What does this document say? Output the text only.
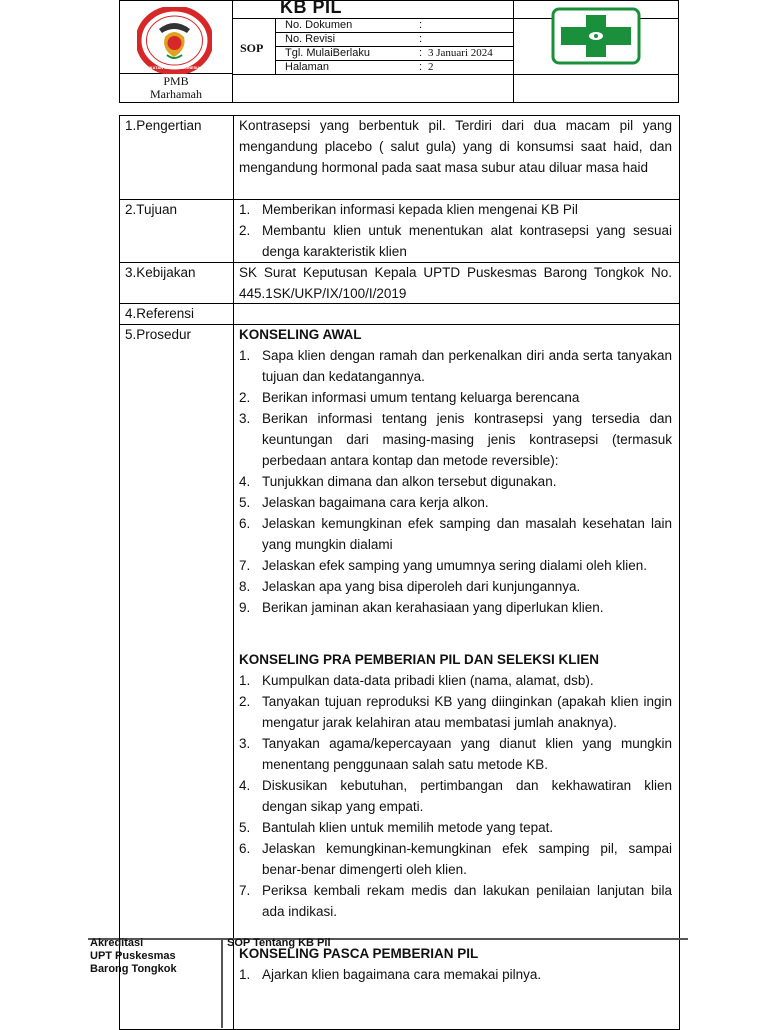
IKATAN BIDAN INDONESIA
PMB
Marhamah
KB PIL
SOP
No. Dokumen	:
No. Revisi	:
Tgl. MulaiBerlaku	: 3 Januari 2024
Halaman	: 2
1.Pengertian	Kontrasepsi yang berbentuk pil. Terdiri dari dua macam pil yang mengandung placebo ( salut gula) yang di konsumsi saat haid, dan mengandung hormonal pada saat masa subur atau diluar masa haid
2.Tujuan	1. Memberikan informasi kepada klien mengenai KB Pil
2. Membantu klien untuk menentukan alat kontrasepsi yang sesuai denga karakteristik klien
3.Kebijakan	SK Surat Keputusan Kepala UPTD Puskesmas Barong Tongkok No. 445.1SK/UKP/IX/100/I/2019
4.Referensi
5.Prosedur	KONSELING AWAL
1. Sapa klien dengan ramah dan perkenalkan diri anda serta tanyakan tujuan dan kedatangannya.
2. Berikan informasi umum tentang keluarga berencana
3. Berikan informasi tentang jenis kontrasepsi yang tersedia dan keuntungan dari masing-masing jenis kontrasepsi (termasuk perbedaan antara kontap dan metode reversible):
4. Tunjukkan dimana dan alkon tersebut digunakan.
5. Jelaskan bagaimana cara kerja alkon.
6. Jelaskan kemungkinan efek samping dan masalah kesehatan lain yang mungkin dialami
7. Jelaskan efek samping yang umumnya sering dialami oleh klien.
8. Jelaskan apa yang bisa diperoleh dari kunjungannya.
9. Berikan jaminan akan kerahasiaan yang diperlukan klien.
KONSELING PRA PEMBERIAN PIL DAN SELEKSI KLIEN
1. Kumpulkan data-data pribadi klien (nama, alamat, dsb).
2. Tanyakan tujuan reproduksi KB yang diinginkan (apakah klien ingin mengatur jarak kelahiran atau membatasi jumlah anaknya).
3. Tanyakan agama/kepercayaan yang dianut klien yang mungkin menentang penggunaan salah satu metode KB.
4. Diskusikan kebutuhan, pertimbangan dan kekhawatiran klien dengan sikap yang empati.
5. Bantulah klien untuk memilih metode yang tepat.
6. Jelaskan kemungkinan-kemungkinan efek samping pil, sampai benar-benar dimengerti oleh klien.
7. Periksa kembali rekam medis dan lakukan penilaian lanjutan bila ada indikasi.
KONSELING PASCA PEMBERIAN PIL
1. Ajarkan klien bagaimana cara memakai pilnya.
Akreditasi
UPT Puskesmas
Barong Tongkok
SOP Tentang KB Pil
